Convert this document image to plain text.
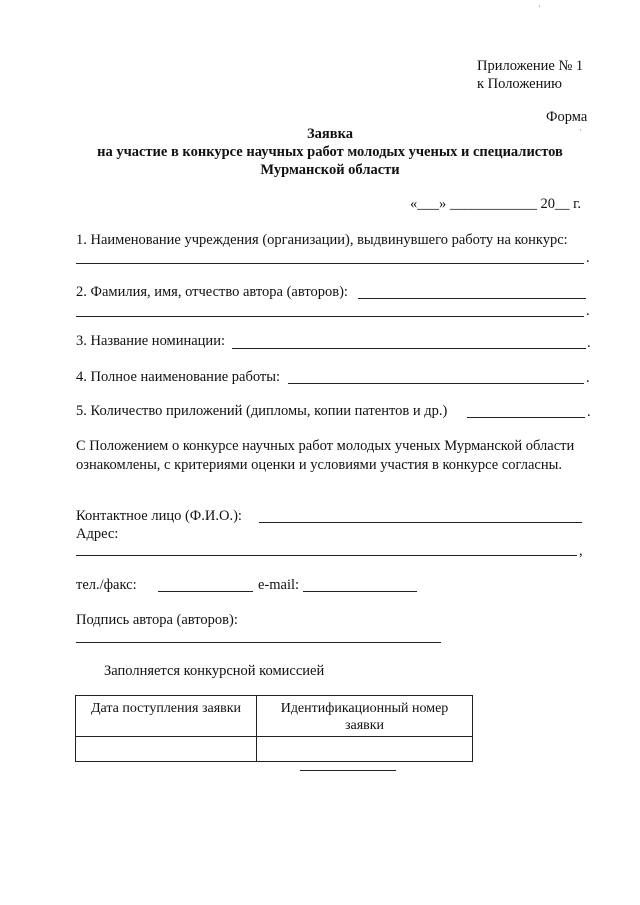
Приложение № 1
к Положению
·
·
Форма
Заявка
на участие в конкурсе научных работ молодых ученых и специалистов
Мурманской области
«___» ____________ 20__ г.
1. Наименование учреждения (организации), выдвинувшего работу на конкурс:
.
2. Фамилия, имя, отчество автора (авторов):
.
3. Название номинации:	.
4. Полное наименование работы:	.
5. Количество приложений (дипломы, копии патентов и др.)	.
С Положением о конкурсе научных работ молодых ученых Мурманской области ознакомлены, с критериями оценки и условиями участия в конкурсе согласны.
Контактное лицо (Ф.И.О.):
Адрес:
,
тел./факс:	e-mail:
Подпись автора (авторов):
Заполняется конкурсной комиссией
Дата поступления заявки	Идентификационный номер заявки
